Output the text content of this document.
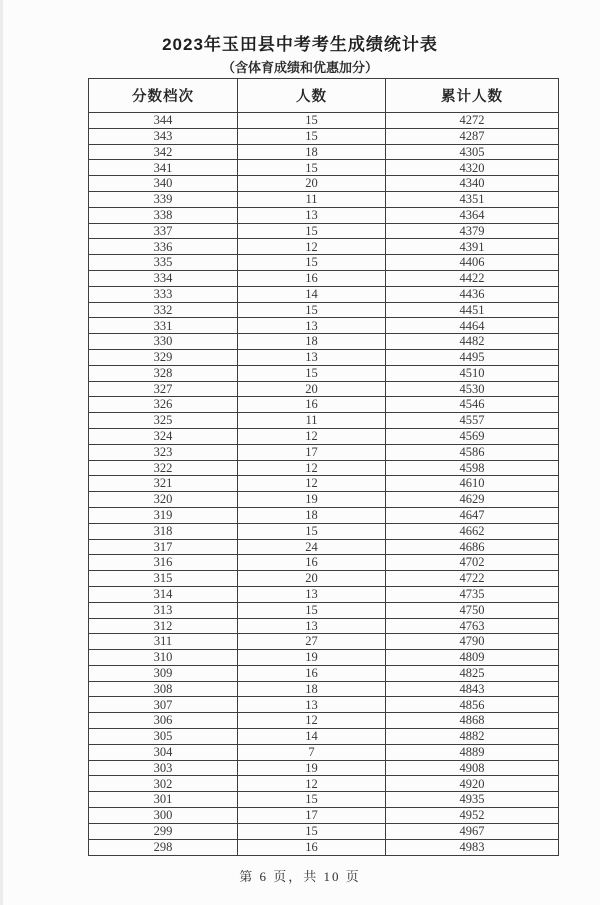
2023年玉田县中考考生成绩统计表
（含体育成绩和优惠加分）
分数档次	人数	累计人数
344	15	4272
343	15	4287
342	18	4305
341	15	4320
340	20	4340
339	11	4351
338	13	4364
337	15	4379
336	12	4391
335	15	4406
334	16	4422
333	14	4436
332	15	4451
331	13	4464
330	18	4482
329	13	4495
328	15	4510
327	20	4530
326	16	4546
325	11	4557
324	12	4569
323	17	4586
322	12	4598
321	12	4610
320	19	4629
319	18	4647
318	15	4662
317	24	4686
316	16	4702
315	20	4722
314	13	4735
313	15	4750
312	13	4763
311	27	4790
310	19	4809
309	16	4825
308	18	4843
307	13	4856
306	12	4868
305	14	4882
304	7	4889
303	19	4908
302	12	4920
301	15	4935
300	17	4952
299	15	4967
298	16	4983
第 6 页，共 10 页
